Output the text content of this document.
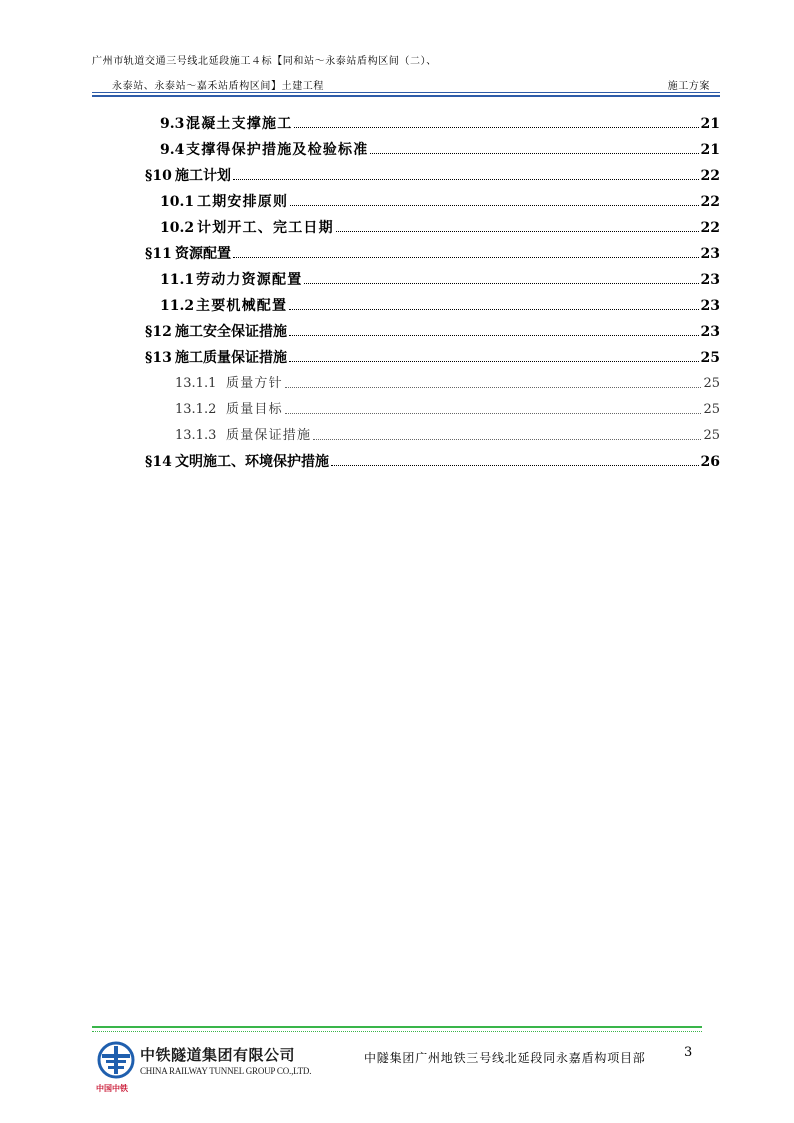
广州市轨道交通三号线北延段施工４标【同和站～永泰站盾构区间（二）、
永泰站、永泰站～嘉禾站盾构区间】土建工程	施工方案
9.3 混凝土支撑施工	21
9.4 支撑得保护措施及检验标准	21
§10 施工计划	22
10.1 工期安排原则	22
10.2 计划开工、完工日期	22
§11 资源配置	23
11.1 劳动力资源配置	23
11.2 主要机械配置	23
§12 施工安全保证措施	23
§13 施工质量保证措施	25
13.1.1 质量方针	25
13.1.2 质量目标	25
13.1.3 质量保证措施	25
§14 文明施工、环境保护措施	26
中国中铁
中铁隧道集团有限公司
CHINA RAILWAY TUNNEL GROUP CO.,LTD.
中隧集团广州地铁三号线北延段同永嘉盾构项目部	3
